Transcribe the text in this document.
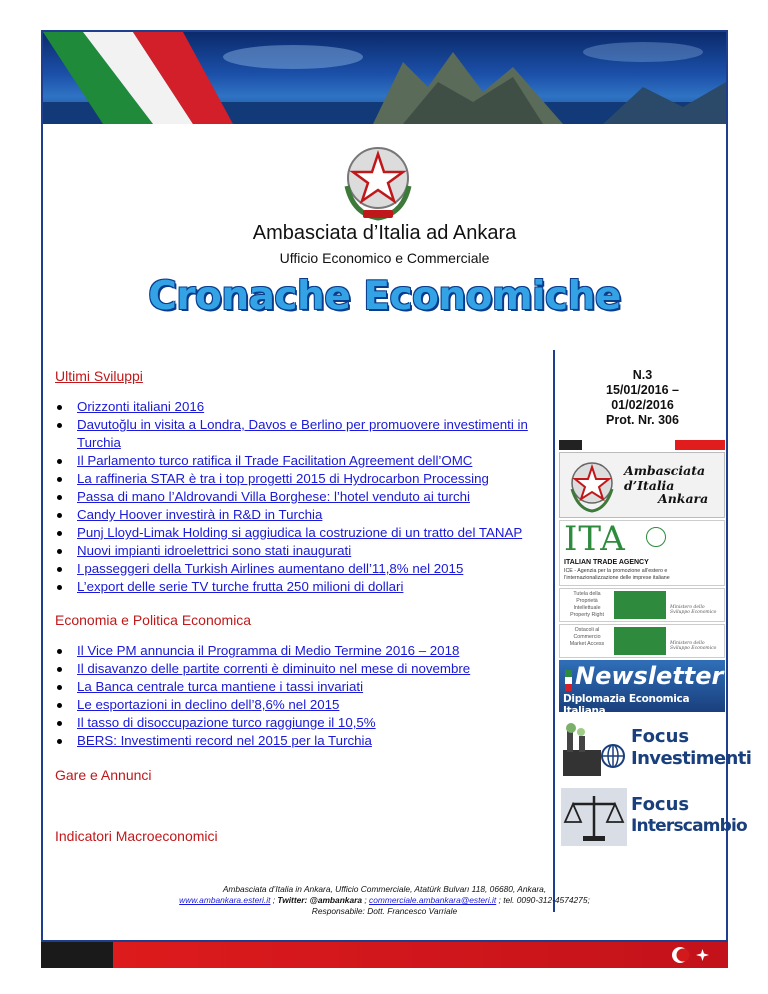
Ambasciata d’Italia ad Ankara
Ufficio Economico e Commerciale
Cronache Economiche
Ultimi Sviluppi
Orizzonti italiani 2016
Davutoğlu in visita a Londra, Davos e Berlino per promuovere investimenti in Turchia
Il Parlamento turco ratifica il Trade Facilitation Agreement dell’OMC
La raffineria STAR è tra i top progetti 2015 di Hydrocarbon Processing
Passa di mano l’Aldrovandi Villa Borghese: l’hotel venduto ai turchi
Candy Hoover investirà in R&D in Turchia
Punj Lloyd-Limak Holding si aggiudica la costruzione di un tratto del TANAP
Nuovi impianti idroelettrici sono stati inaugurati
I passeggeri della Turkish Airlines aumentano dell’11,8% nel 2015
L’export delle serie TV turche frutta 250 milioni di dollari
Economia e Politica Economica
Il Vice PM annuncia il Programma di Medio Termine 2016 – 2018
Il disavanzo delle partite correnti è diminuito nel mese di novembre
La Banca centrale turca mantiene i tassi invariati
Le esportazioni in declino dell’8,6% nel 2015
Il tasso di disoccupazione turco raggiunge il 10,5%
BERS: Investimenti record nel 2015 per la Turchia
Gare e Annunci
Indicatori Macroeconomici
N.3
15/01/2016 –
01/02/2016
Prot. Nr. 306
Ambasciata d’Italia
Ankara
ITA
ITALIAN TRADE AGENCY
ICE - Agenzia per la promozione all’estero e
l’internazionalizzazione delle imprese italiane
Tutela della
Proprietà Intellettuale
Property Right
Ministero dello Sviluppo Economico
Ostacoli al
Commercio
Market Access	Ministero dello Sviluppo Economico
Newsletter
Diplomazia Economica Italiana
Focus
Investimenti
Focus
Interscambio
Ambasciata d’Italia in Ankara, Ufficio Commerciale, Atatürk Bulvarı 118, 06680, Ankara,
www.ambankara.esteri.it ; Twitter: @ambankara ; commerciale.ambankara@esteri.it ; tel. 0090-312-4574275;
Responsabile: Dott. Francesco Varriale
